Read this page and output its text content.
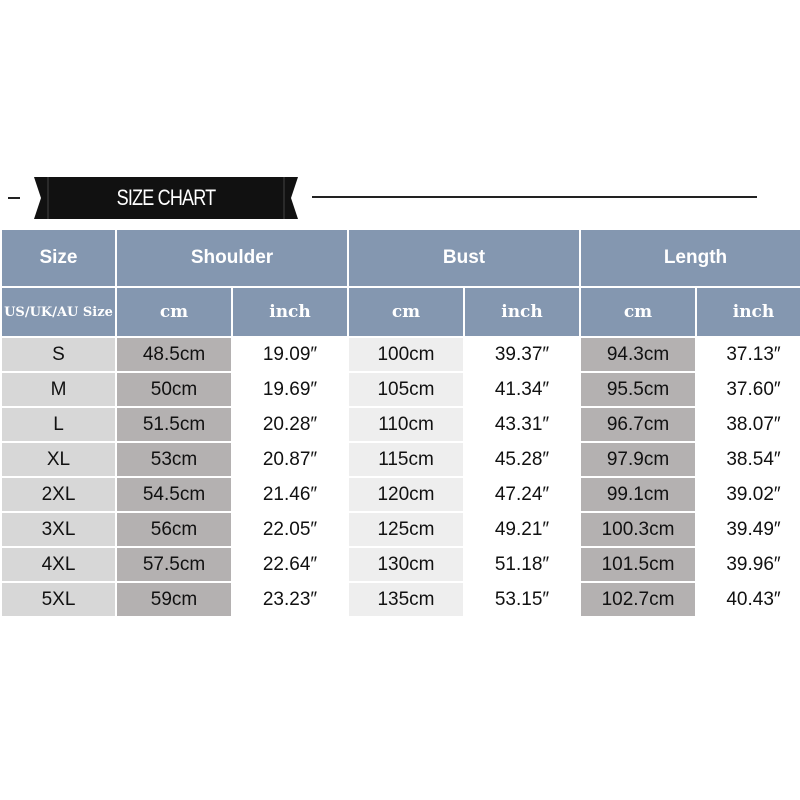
SIZE CHART
Size	Shoulder	Bust	Length
US/UK/AU Size	cm	inch	cm	inch	cm	inch
S	48.5cm	19.09″	100cm	39.37″	94.3cm	37.13″
M	50cm	19.69″	105cm	41.34″	95.5cm	37.60″
L	51.5cm	20.28″	110cm	43.31″	96.7cm	38.07″
XL	53cm	20.87″	115cm	45.28″	97.9cm	38.54″
2XL	54.5cm	21.46″	120cm	47.24″	99.1cm	39.02″
3XL	56cm	22.05″	125cm	49.21″	100.3cm	39.49″
4XL	57.5cm	22.64″	130cm	51.18″	101.5cm	39.96″
5XL	59cm	23.23″	135cm	53.15″	102.7cm	40.43″
